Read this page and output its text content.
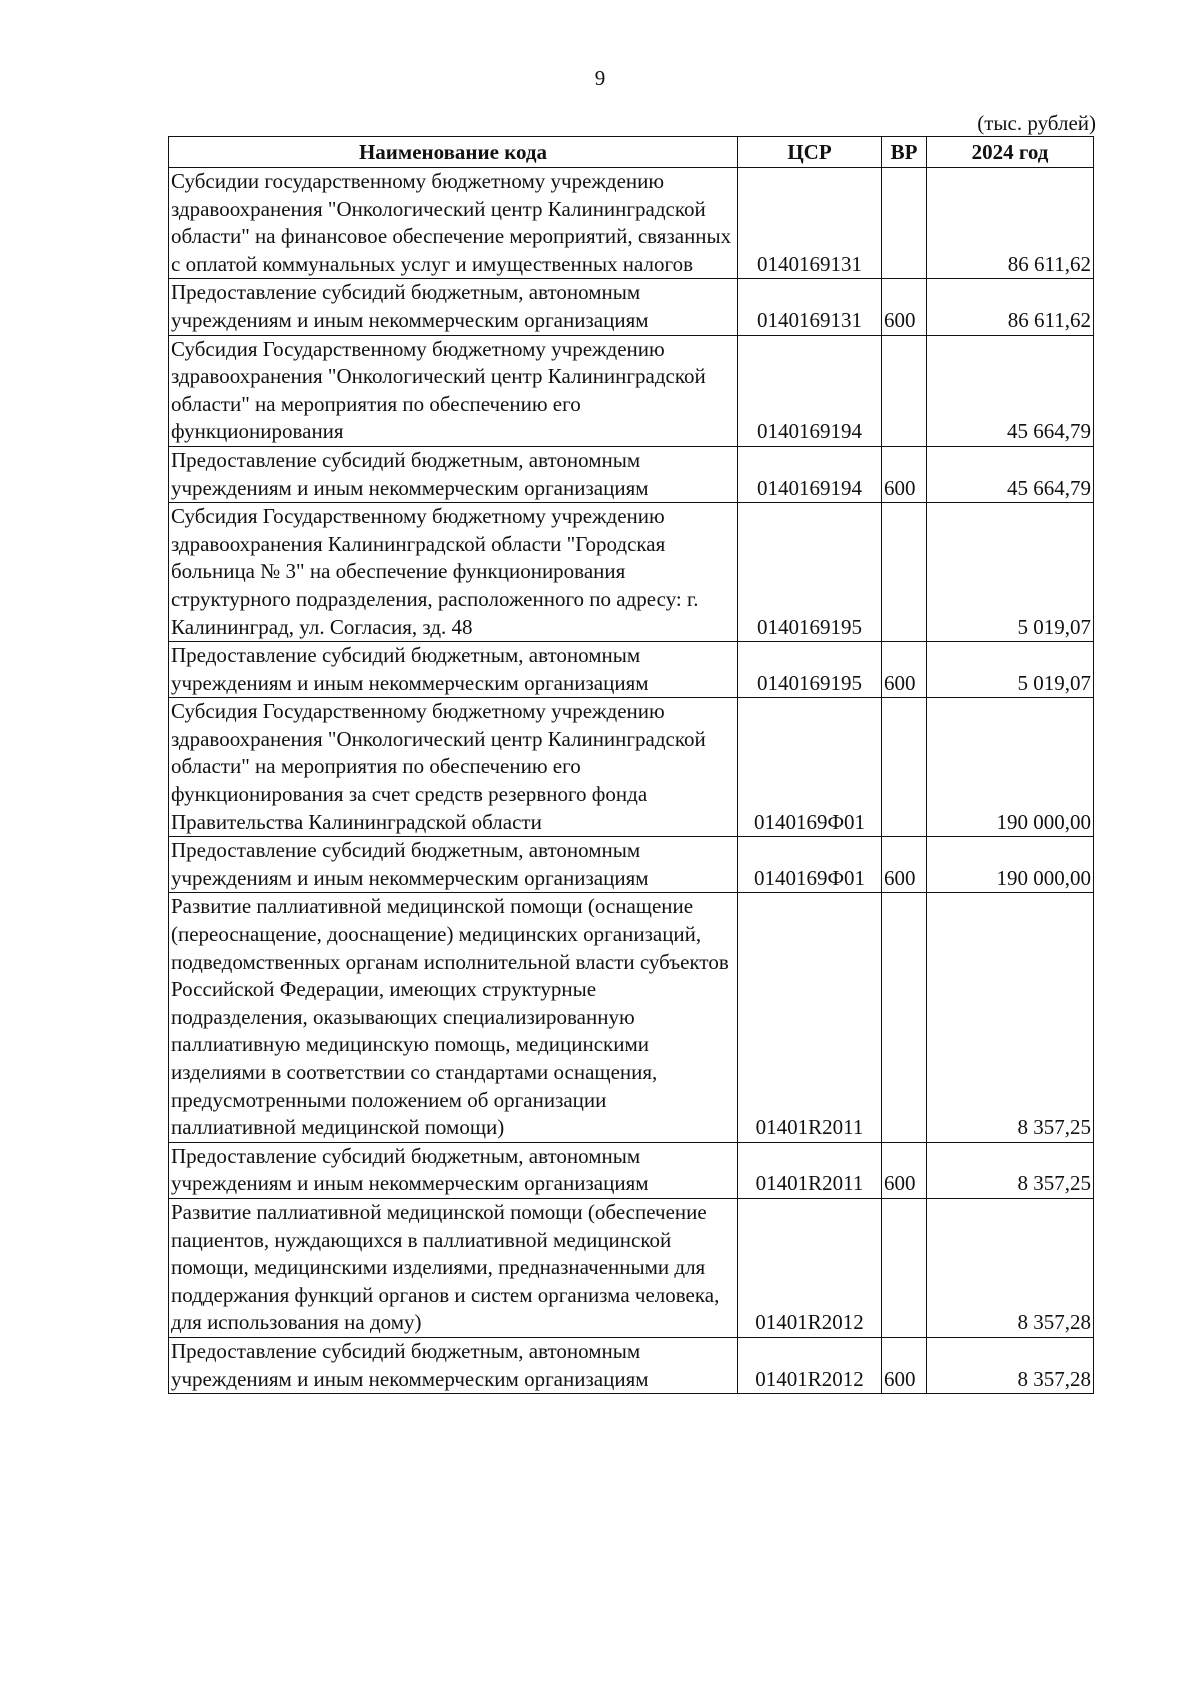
9
(тыс. рублей)
Наименование кода	ЦСР	ВР	2024 год
Субсидии государственному бюджетному учреждению здравоохранения "Онкологический центр Калининградской области" на финансовое обеспечение мероприятий, связанных с оплатой коммунальных услуг и имущественных налогов	0140169131		86 611,62
Предоставление субсидий бюджетным, автономным учреждениям и иным некоммерческим организациям	0140169131	600	86 611,62
Субсидия Государственному бюджетному учреждению здравоохранения "Онкологический центр Калининградской области" на мероприятия по обеспечению его функционирования	0140169194		45 664,79
Предоставление субсидий бюджетным, автономным учреждениям и иным некоммерческим организациям	0140169194	600	45 664,79
Субсидия Государственному бюджетному учреждению здравоохранения Калининградской области "Городская больница № 3" на обеспечение функционирования структурного подразделения, расположенного по адресу: г. Калининград, ул. Согласия, зд. 48	0140169195		5 019,07
Предоставление субсидий бюджетным, автономным учреждениям и иным некоммерческим организациям	0140169195	600	5 019,07
Субсидия Государственному бюджетному учреждению здравоохранения "Онкологический центр Калининградской области" на мероприятия по обеспечению его функционирования за счет средств резервного фонда Правительства Калининградской области	0140169Ф01		190 000,00
Предоставление субсидий бюджетным, автономным учреждениям и иным некоммерческим организациям	0140169Ф01	600	190 000,00
Развитие паллиативной медицинской помощи (оснащение (переоснащение, дооснащение) медицинских организаций, подведомственных органам исполнительной власти субъектов Российской Федерации, имеющих структурные подразделения, оказывающих специализированную паллиативную медицинскую помощь, медицинскими изделиями в соответствии со стандартами оснащения, предусмотренными положением об организации паллиативной медицинской помощи)	01401R2011		8 357,25
Предоставление субсидий бюджетным, автономным учреждениям и иным некоммерческим организациям	01401R2011	600	8 357,25
Развитие паллиативной медицинской помощи (обеспечение пациентов, нуждающихся в паллиативной медицинской помощи, медицинскими изделиями, предназначенными для поддержания функций органов и систем организма человека, для использования на дому)	01401R2012		8 357,28
Предоставление субсидий бюджетным, автономным учреждениям и иным некоммерческим организациям	01401R2012	600	8 357,28
